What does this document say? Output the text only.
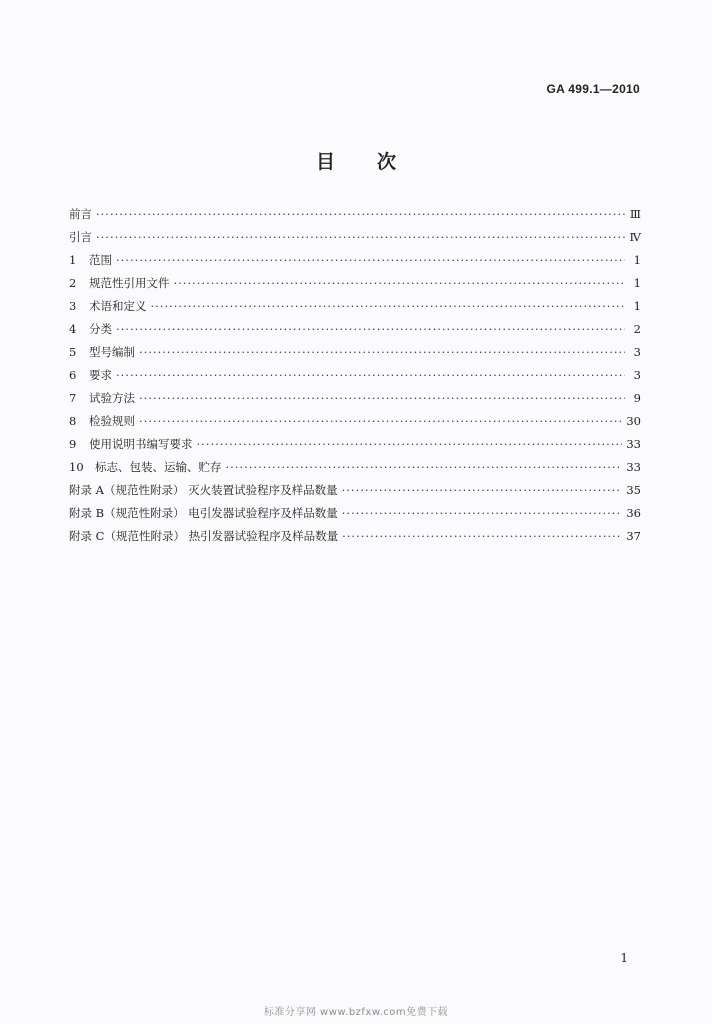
GA 499.1—2010
目次
前言 ·····	Ⅲ
引言 ·····	Ⅳ
1	范围 ·····	1
2	规范性引用文件 ·····	1
3	术语和定义 ·····	1
4	分类 ·····	2
5	型号编制 ·····	3
6	要求 ·····	3
7	试验方法 ·····	9
8	检验规则 ·····	30
9	使用说明书编写要求 ·····	33
10 标志、包装、运输、贮存 ·····	33
附录 A（规范性附录） 灭火装置试验程序及样品数量 ·····	35
附录 B（规范性附录） 电引发器试验程序及样品数量 ·····	36
附录 C（规范性附录） 热引发器试验程序及样品数量 ·····	37
1
标准分享网 www.bzfxw.com免费下载
